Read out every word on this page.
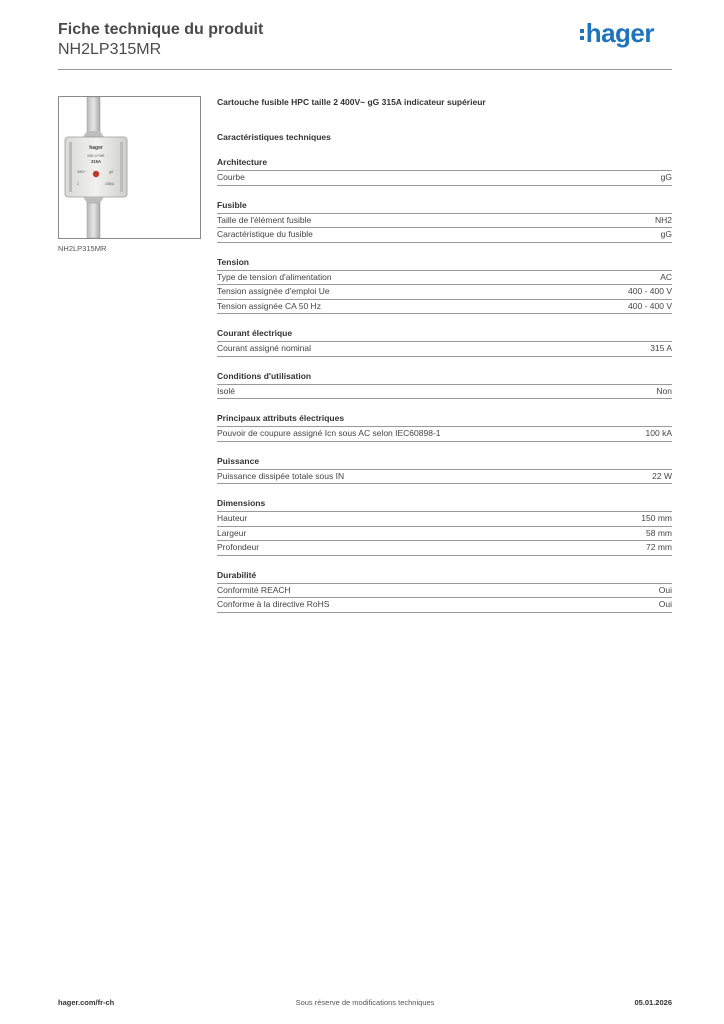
Fiche technique du produit
NH2LP315MR
hager
hager
NH2 LP MR
315A
400V~	gG
2	100kA
NH2LP315MR
Cartouche fusible HPC taille 2 400V~ gG 315A indicateur supérieur
Caractéristiques techniques
Architecture
Courbe	gG
Fusible
Taille de l'élément fusible	NH2
Caractéristique du fusible	gG
Tension
Type de tension d'alimentation	AC
Tension assignée d'emploi Ue	400 - 400 V
Tension assignée CA 50 Hz	400 - 400 V
Courant électrique
Courant assigné nominal	315 A
Conditions d'utilisation
Isolé	Non
Principaux attributs électriques
Pouvoir de coupure assigné Icn sous AC selon IEC60898-1	100 kA
Puissance
Puissance dissipée totale sous IN	22 W
Dimensions
Hauteur	150 mm
Largeur	58 mm
Profondeur	72 mm
Durabilité
Conformité REACH	Oui
Conforme à la directive RoHS	Oui
hager.com/fr-ch	Sous réserve de modifications techniques	05.01.2026
